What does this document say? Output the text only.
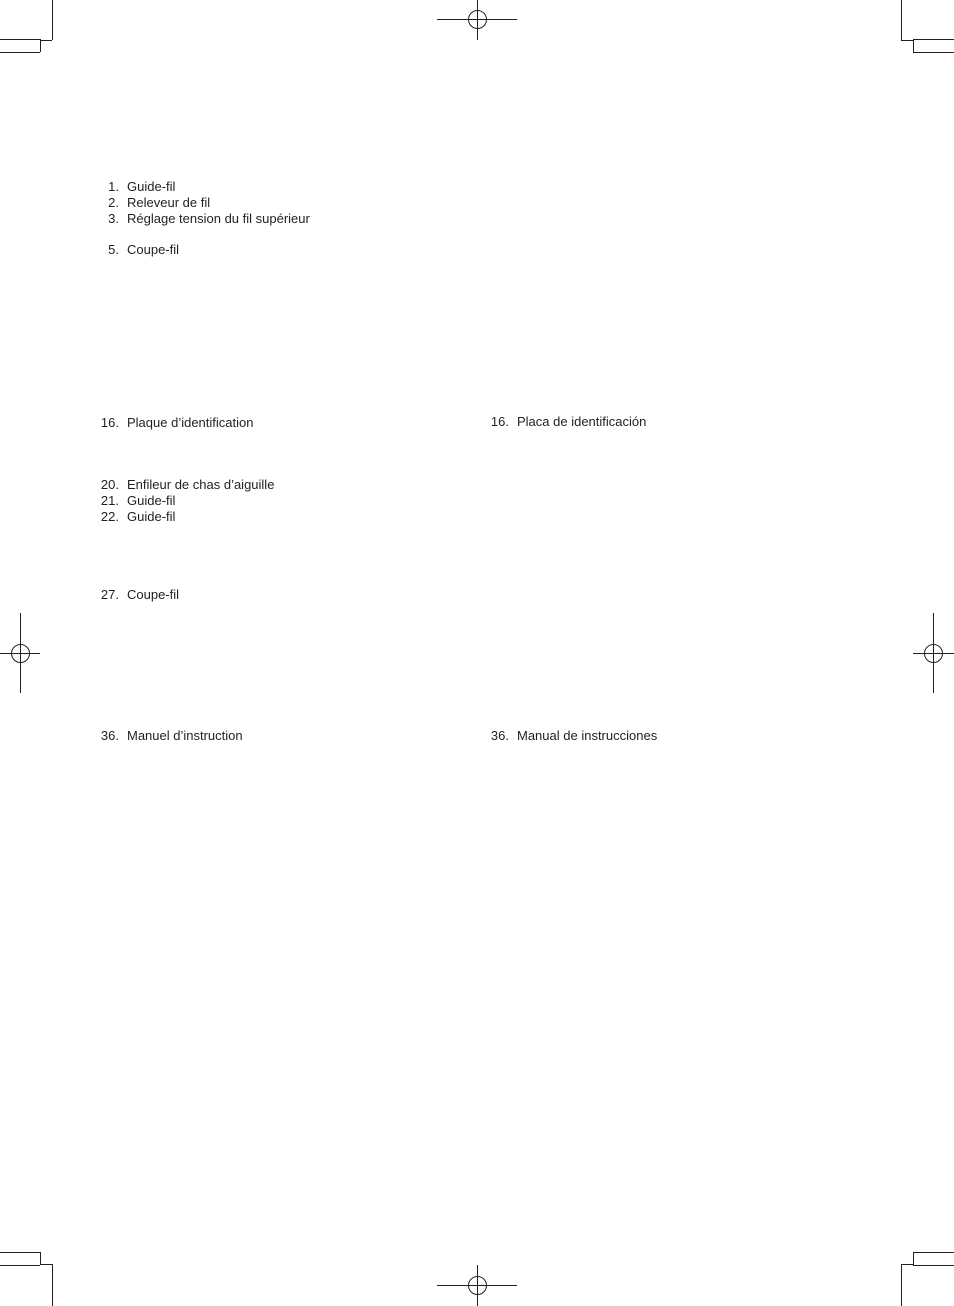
1. Guide-fil
2. Releveur de fil
3. Réglage tension du fil supérieur
5. Coupe-fil
16. Plaque d’identification
20. Enfileur de chas d’aiguille
21. Guide-fil
22. Guide-fil
27. Coupe-fil
36. Manuel d’instruction
16. Placa de identificación
36. Manual de instrucciones
